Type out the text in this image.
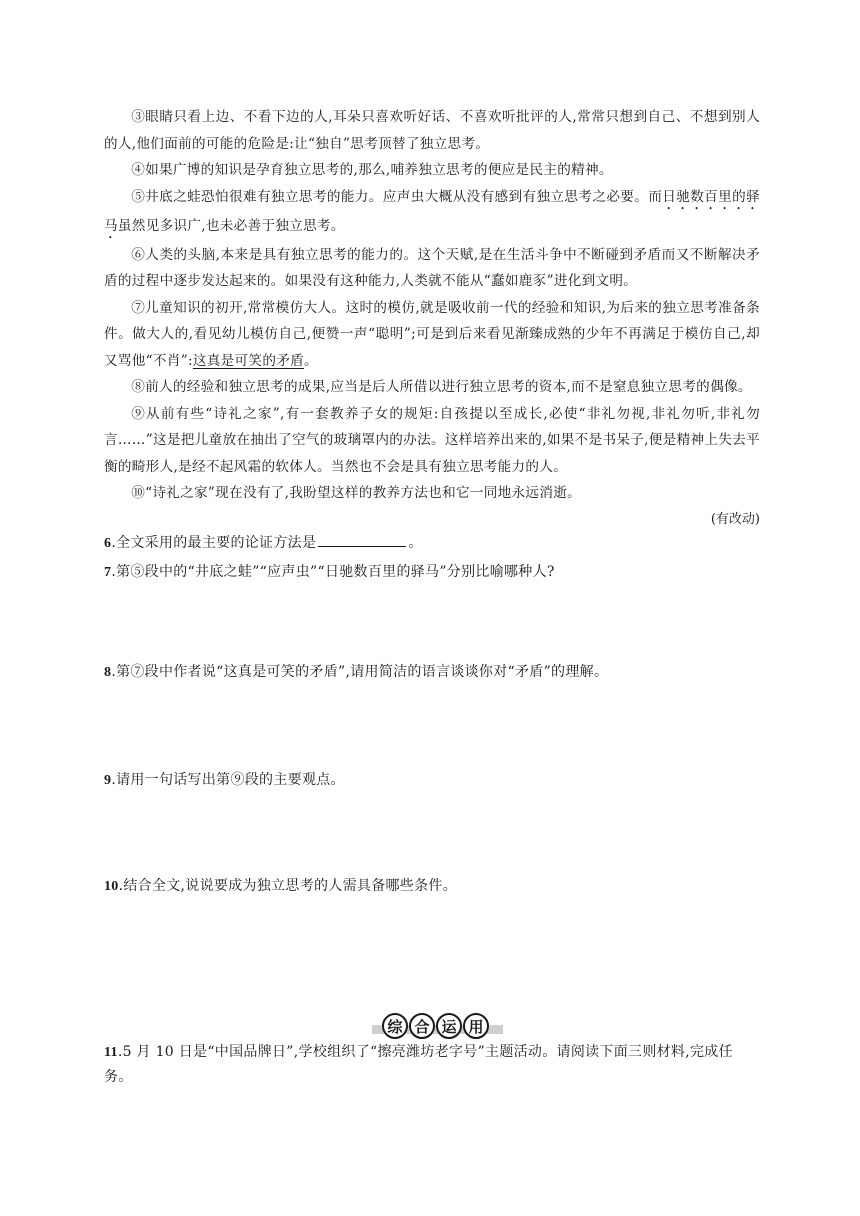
③眼睛只看上边、不看下边的人,耳朵只喜欢听好话、不喜欢听批评的人,常常只想到自己、不想到别人的人,他们面前的可能的危险是:让“独自”思考顶替了独立思考。

④如果广博的知识是孕育独立思考的,那么,哺养独立思考的便应是民主的精神。

⑤井底之蛙恐怕很难有独立思考的能力。应声虫大概从没有感到有独立思考之必要。而日驰数百里的驿马虽然见多识广,也未必善于独立思考。

⑥人类的头脑,本来是具有独立思考的能力的。这个天赋,是在生活斗争中不断碰到矛盾而又不断解决矛盾的过程中逐步发达起来的。如果没有这种能力,人类就不能从“蠢如鹿豕”进化到文明。

⑦儿童知识的初开,常常模仿大人。这时的模仿,就是吸收前一代的经验和知识,为后来的独立思考准备条件。做大人的,看见幼儿模仿自己,便赞一声“聪明”;可是到后来看见渐臻成熟的少年不再满足于模仿自己,却又骂他“不肖”:这真是可笑的矛盾。

⑧前人的经验和独立思考的成果,应当是后人所借以进行独立思考的资本,而不是窒息独立思考的偶像。

⑨从前有些“诗礼之家”,有一套教养子女的规矩:自孩提以至成长,必使“非礼勿视,非礼勿听,非礼勿言……”这是把儿童放在抽出了空气的玻璃罩内的办法。这样培养出来的,如果不是书呆子,便是精神上失去平衡的畸形人,是经不起风霜的软体人。当然也不会是具有独立思考能力的人。

⑩“诗礼之家”现在没有了,我盼望这样的教养方法也和它一同地永远消逝。

(有改动)

6.全文采用的最主要的论证方法是	。

7.第⑤段中的“井底之蛙”“应声虫”“日驰数百里的驿马”分别比喻哪种人?

8.第⑦段中作者说“这真是可笑的矛盾”,请用简洁的语言谈谈你对“矛盾”的理解。

9.请用一句话写出第⑨段的主要观点。

10.结合全文,说说要成为独立思考的人需具备哪些条件。

综 合 运 用

11.5 月 10 日是“中国品牌日”,学校组织了“擦亮潍坊老字号”主题活动。请阅读下面三则材料,完成任务。
